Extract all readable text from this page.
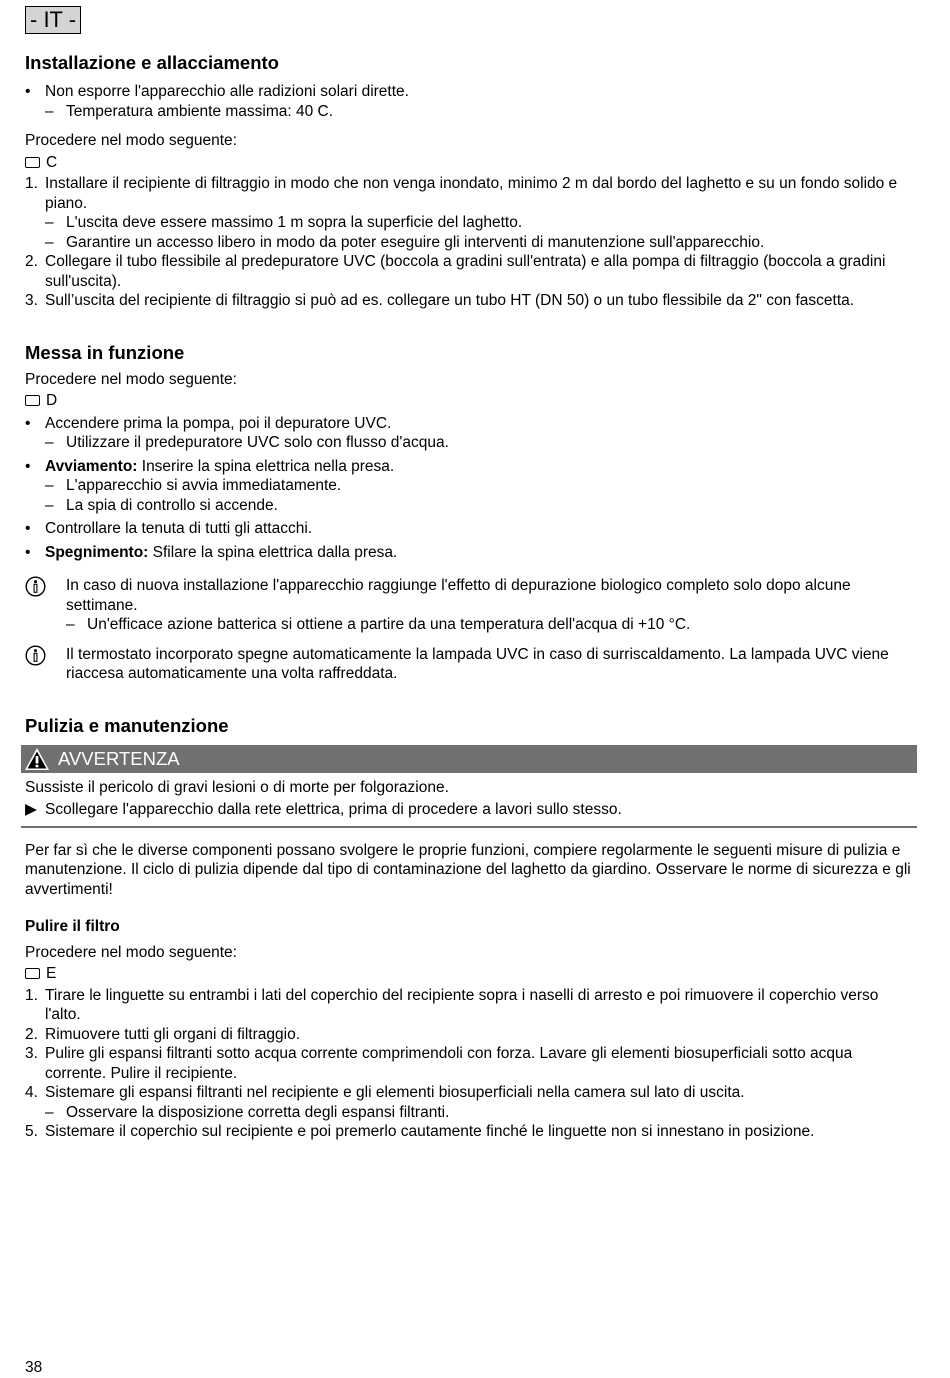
- IT -
Installazione e allacciamento
• Non esporre l'apparecchio alle radizioni solari dirette.
– Temperatura ambiente massima: 40 C.

Procedere nel modo seguente:

C
1. Installare il recipiente di filtraggio in modo che non venga inondato, minimo 2 m dal bordo del laghetto e su un fondo solido e piano.
– L'uscita deve essere massimo 1 m sopra la superficie del laghetto.
– Garantire un accesso libero in modo da poter eseguire gli interventi di manutenzione sull'apparecchio.
2. Collegare il tubo flessibile al predepuratore UVC (boccola a gradini sull'entrata) e alla pompa di filtraggio (boccola a gradini sull'uscita).
3. Sull’uscita del recipiente di filtraggio si può ad es. collegare un tubo HT (DN 50) o un tubo flessibile da 2" con fascetta.
Messa in funzione

Procedere nel modo seguente:

D
• Accendere prima la pompa, poi il depuratore UVC.
– Utilizzare il predepuratore UVC solo con flusso d'acqua.
• Avviamento: Inserire la spina elettrica nella presa.
– L'apparecchio si avvia immediatamente.
– La spia di controllo si accende.
• Controllare la tenuta di tutti gli attacchi.
• Spegnimento: Sfilare la spina elettrica dalla presa.
In caso di nuova installazione l'apparecchio raggiunge l'effetto di depurazione biologico completo solo dopo alcune settimane.
– Un'efficace azione batterica si ottiene a partire da una temperatura dell'acqua di +10 °C.
Il termostato incorporato spegne automaticamente la lampada UVC in caso di surriscaldamento. La lampada UVC viene riaccesa automaticamente una volta raffreddata.
Pulizia e manutenzione
AVVERTENZA

Sussiste il pericolo di gravi lesioni o di morte per folgorazione.

▶ Scollegare l'apparecchio dalla rete elettrica, prima di procedere a lavori sullo stesso.

Per far sì che le diverse componenti possano svolgere le proprie funzioni, compiere regolarmente le seguenti misure di pulizia e manutenzione. Il ciclo di pulizia dipende dal tipo di contaminazione del laghetto da giardino. Osservare le norme di sicurezza e gli avvertimenti!

Pulire il filtro

Procedere nel modo seguente:

E
1. Tirare le linguette su entrambi i lati del coperchio del recipiente sopra i naselli di arresto e poi rimuovere il coperchio verso l'alto.
2. Rimuovere tutti gli organi di filtraggio.
3. Pulire gli espansi filtranti sotto acqua corrente comprimendoli con forza. Lavare gli elementi biosuperficiali sotto acqua corrente. Pulire il recipiente.
4. Sistemare gli espansi filtranti nel recipiente e gli elementi biosuperficiali nella camera sul lato di uscita.
– Osservare la disposizione corretta degli espansi filtranti.
5. Sistemare il coperchio sul recipiente e poi premerlo cautamente finché le linguette non si innestano in posizione.
38
